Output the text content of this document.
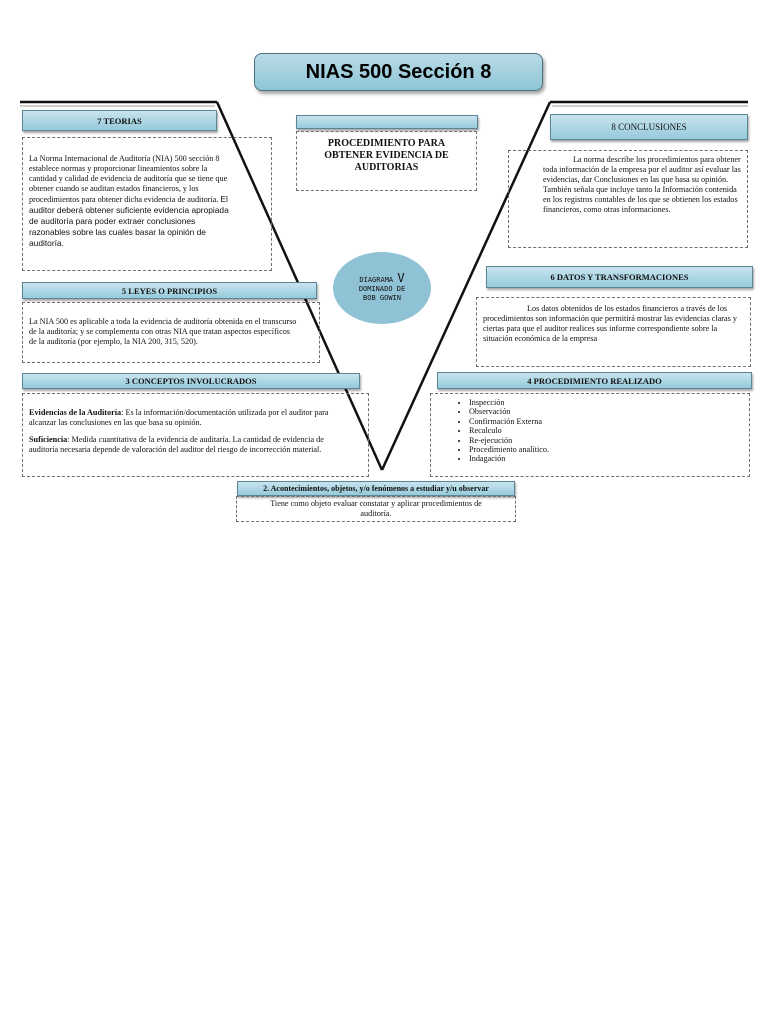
NIAS 500 Sección 8
7 TEORIAS

La Norma Internacional de Auditoría (NIA) 500 sección 8 establece normas y proporcionar lineamientos sobre la cantidad y calidad de evidencia de auditoría que se tiene que obtener cuando se auditan estados financieros, y los procedimientos para obtener dicha evidencia de auditoría. El auditor deberá obtener suficiente evidencia apropiada de auditoría para poder extraer conclusiones razonables sobre las cuales basar la opinión de auditoría.

5 LEYES O PRINCIPIOS

La NIA 500 es aplicable a toda la evidencia de auditoría obtenida en el transcurso de la auditoría; y se complementa con otras NIA que tratan aspectos específicos de la auditoría (por ejemplo, la NIA 200, 315, 520).

3 CONCEPTOS INVOLUCRADOS

Evidencias de la Auditoría: Es la información/documentación utilizada por el auditor para alcanzar las conclusiones en las que basa su opinión.

Suficiencia: Medida cuantitativa de la evidencia de auditaría. La cantidad de evidencia de auditoría necesaria depende de valoración del auditor del riesgo de incorrección material.

PROCEDIMIENTO PARA OBTENER EVIDENCIA DE AUDITORIAS

DIAGRAMA V
DOMINADO DE
BOB GOWIN
8 CONCLUSIONES

La norma describe los procedimientos para obtener toda información de la empresa por el auditor así evaluar las evidencias, dar Conclusiones en las que basa su opinión. También señala que incluye tanto la Información contenida en los registros contables de los que se obtienen los estados financieros, como otras informaciones.

6 DATOS Y TRANSFORMACIONES

Los datos obtenidos de los estados financieros a través de los procedimientos son información que permitirá mostrar las evidencias claras y ciertas para que el auditor realices sus informe correspondiente sobre la situación económica de la empresa

4 PROCEDIMIENTO REALIZADO
• Inspección
• Observación
• Confirmación Externa
• Recalculo
• Re-ejecución
• Procedimiento analítico.
• Indagación
2. Acontecimientos, objetos, y/o fenómenos a estudiar y/u observar

Tiene como objeto evaluar constatar y aplicar procedimientos de auditoría.
